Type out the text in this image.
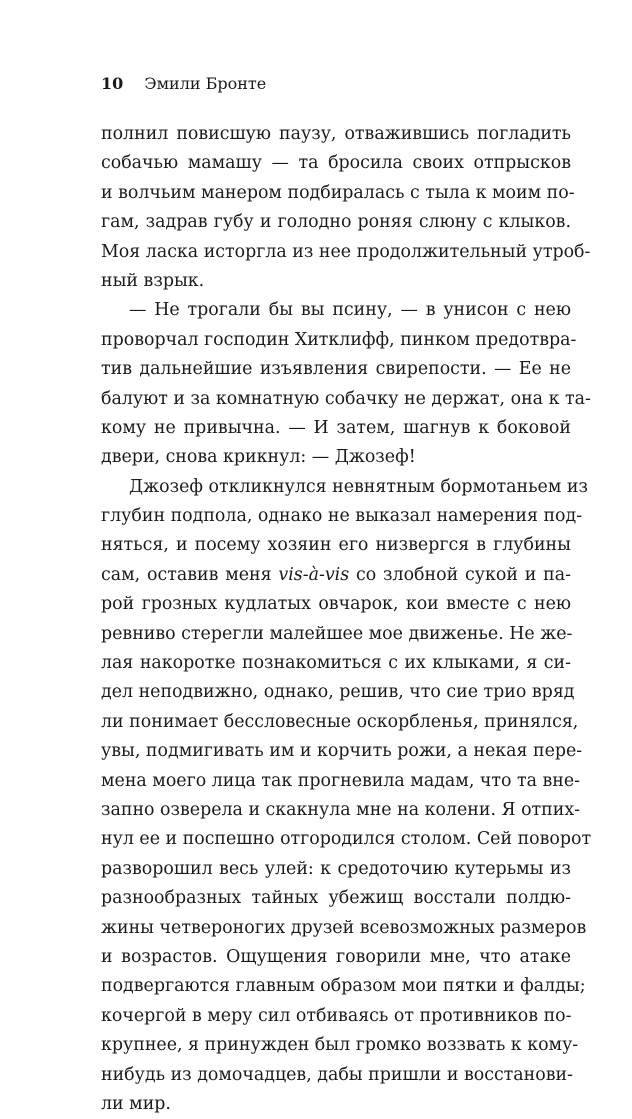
10 Эмили Бронте
полнил повисшую паузу, отважившись погладить
собачью мамашу — та бросила своих отпрысков
и волчьим манером подбиралась с тыла к моим по-
гам, задрав губу и голодно роняя слюну с клыков.
Моя ласка исторгла из нее продолжительный утроб-
ный взрык.
— Не трогали бы вы псину, — в унисон с нею
проворчал господин Хитклифф, пинком предотвра-
тив дальнейшие изъявления свирепости. — Ее не
балуют и за комнатную собачку не держат, она к та-
кому не привычна. — И затем, шагнув к боковой
двери, снова крикнул: — Джозеф!
Джозеф откликнулся невнятным бормотаньем из
глубин подпола, однако не выказал намерения под-
няться, и посему хозяин его низвергся в глубины
сам, оставив меня vis-à-vis со злобной сукой и па-
рой грозных кудлатых овчарок, кои вместе с нею
ревниво стерегли малейшее мое движенье. Не же-
лая накоротке познакомиться с их клыками, я си-
дел неподвижно, однако, решив, что сие трио вряд
ли понимает бессловесные оскорбленья, принялся,
увы, подмигивать им и корчить рожи, а некая пере-
мена моего лица так прогневила мадам, что та вне-
запно озверела и скакнула мне на колени. Я отпих-
нул ее и поспешно отгородился столом. Сей поворот
разворошил весь улей: к средоточию кутерьмы из
разнообразных тайных убежищ восстали полдю-
жины четвероногих друзей всевозможных размеров
и возрастов. Ощущения говорили мне, что атаке
подвергаются главным образом мои пятки и фалды;
кочергой в меру сил отбиваясь от противников по-
крупнее, я принужден был громко воззвать к кому-
нибудь из домочадцев, дабы пришли и восстанови-
ли мир.
